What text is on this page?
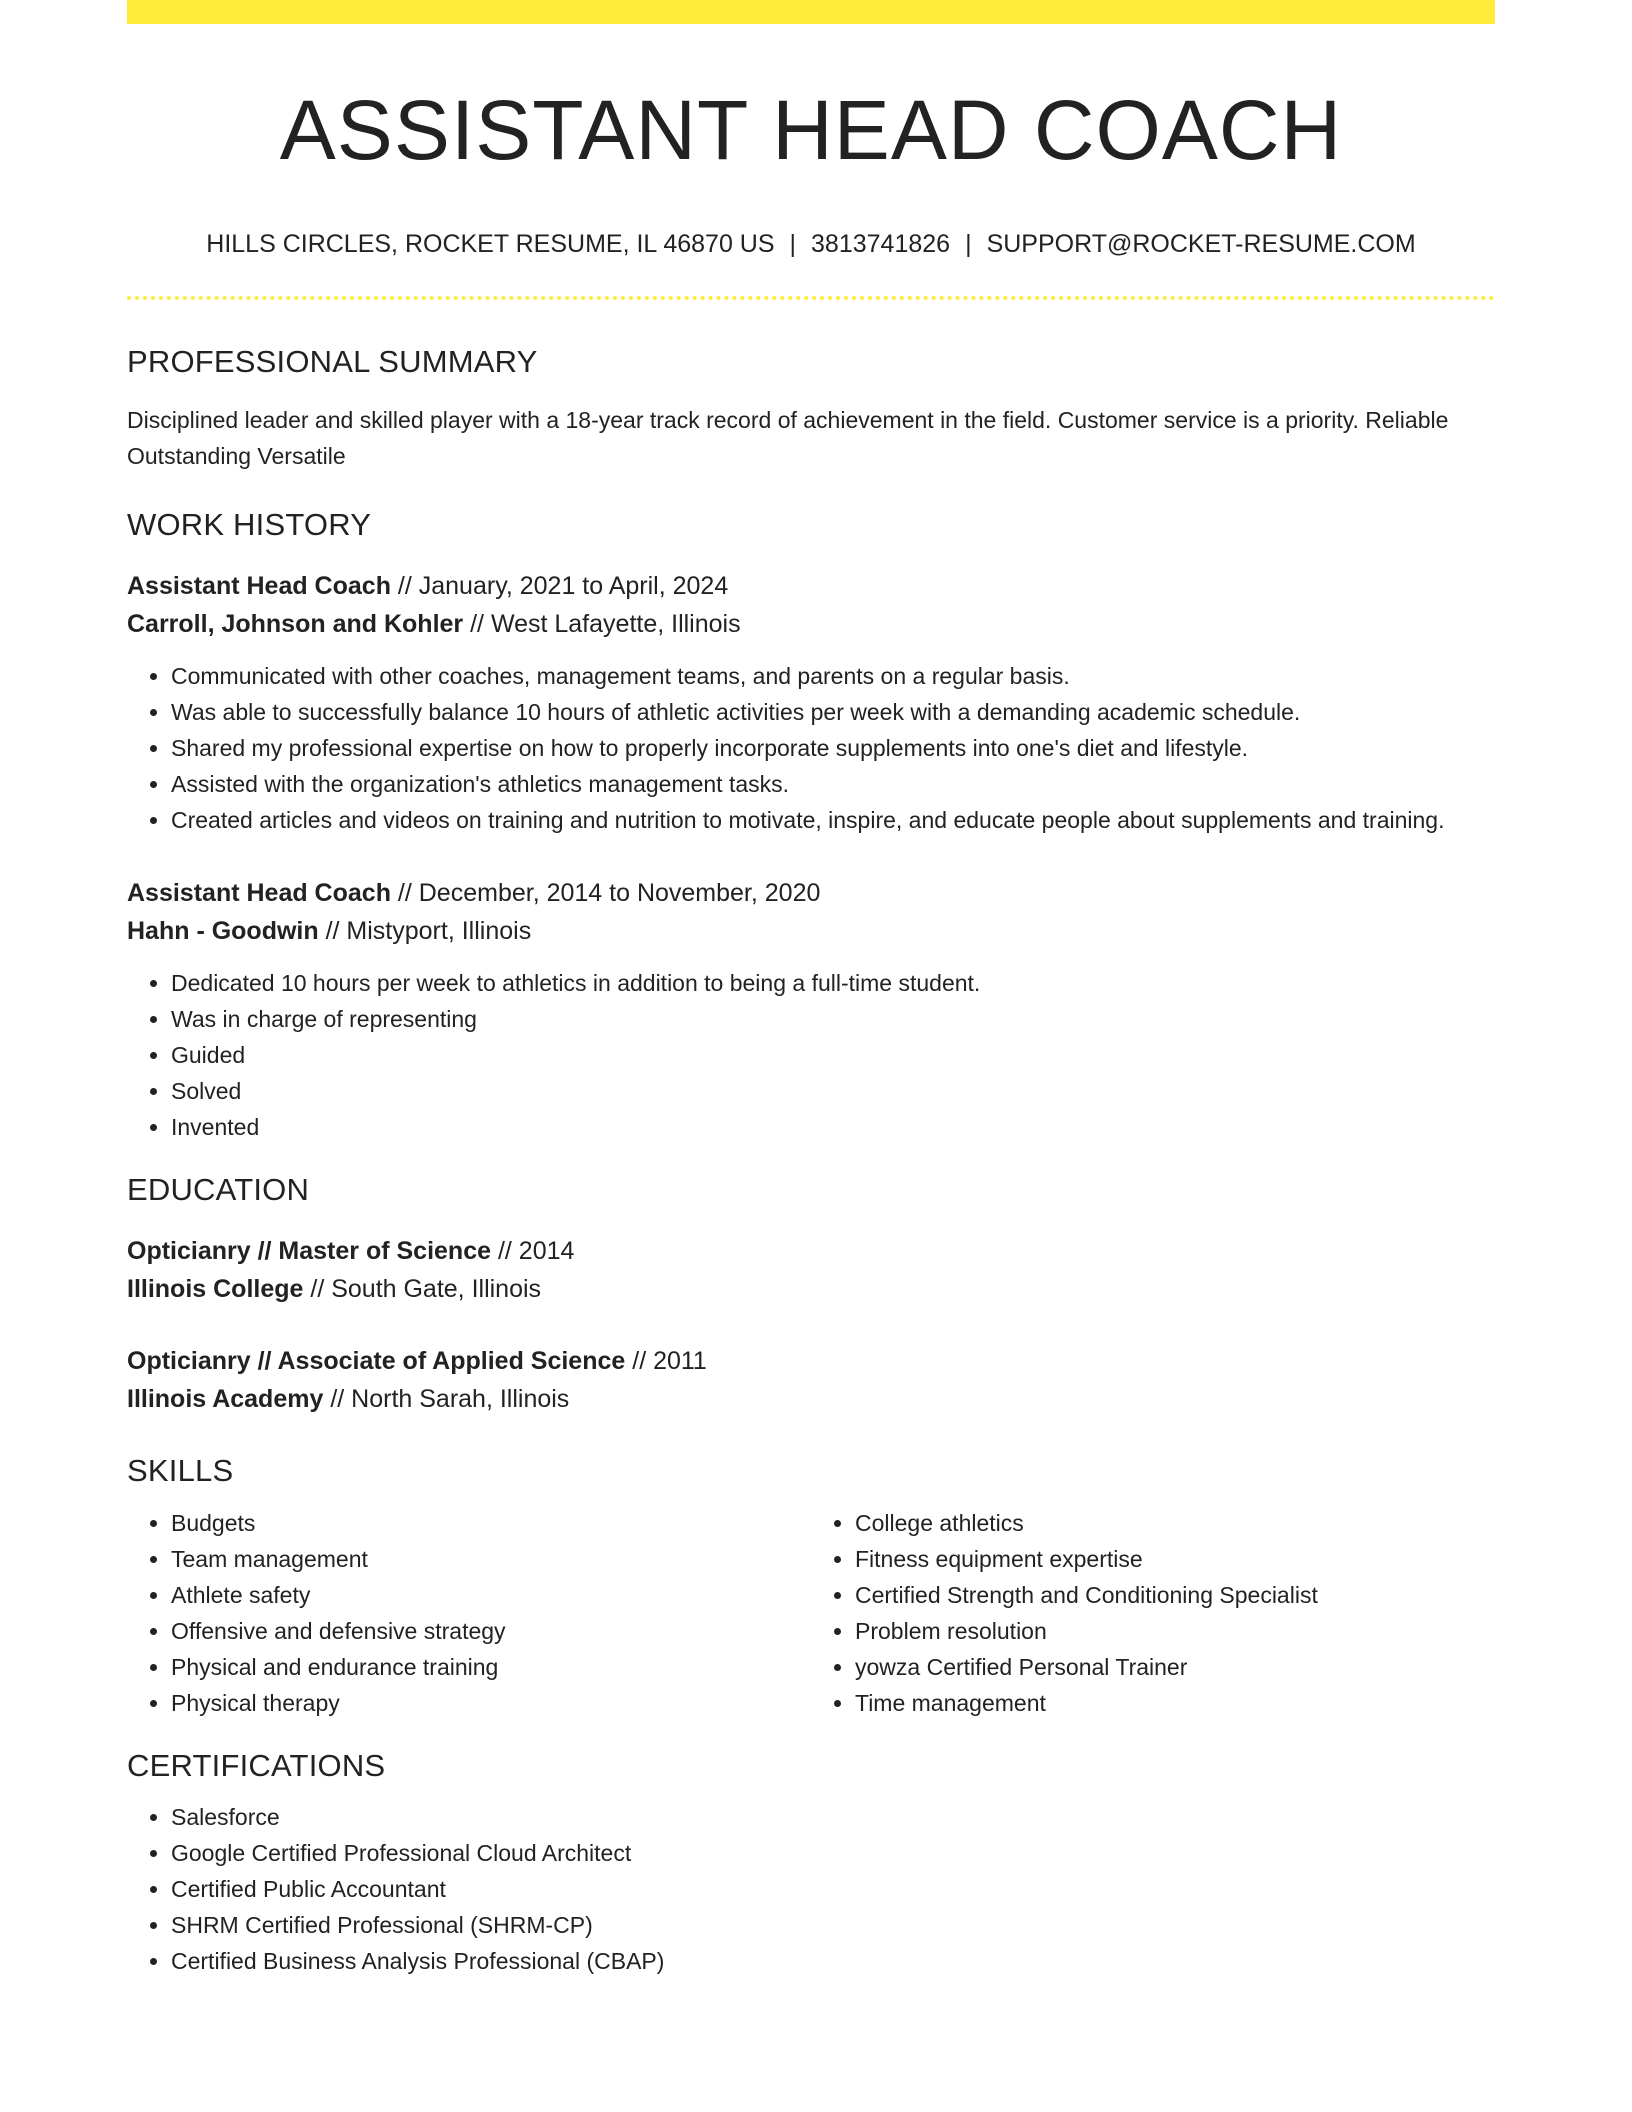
ASSISTANT HEAD COACH
HILLS CIRCLES, ROCKET RESUME, IL 46870 US | 3813741826 | SUPPORT@ROCKET-RESUME.COM
PROFESSIONAL SUMMARY
Disciplined leader and skilled player with a 18-year track record of achievement in the field. Customer service is a priority. Reliable Outstanding Versatile
WORK HISTORY
Assistant Head Coach // January, 2021 to April, 2024
Carroll, Johnson and Kohler // West Lafayette, Illinois
• Communicated with other coaches, management teams, and parents on a regular basis.
• Was able to successfully balance 10 hours of athletic activities per week with a demanding academic schedule.
• Shared my professional expertise on how to properly incorporate supplements into one's diet and lifestyle.
• Assisted with the organization's athletics management tasks.
• Created articles and videos on training and nutrition to motivate, inspire, and educate people about supplements and training.
Assistant Head Coach // December, 2014 to November, 2020
Hahn - Goodwin // Mistyport, Illinois
• Dedicated 10 hours per week to athletics in addition to being a full-time student.
• Was in charge of representing
• Guided
• Solved
• Invented
EDUCATION
Opticianry // Master of Science // 2014
Illinois College // South Gate, Illinois
Opticianry // Associate of Applied Science // 2011
Illinois Academy // North Sarah, Illinois
SKILLS
• Budgets
• Team management
• Athlete safety
• Offensive and defensive strategy
• Physical and endurance training
• Physical therapy
• College athletics
• Fitness equipment expertise
• Certified Strength and Conditioning Specialist
• Problem resolution
• yowza Certified Personal Trainer
• Time management
CERTIFICATIONS
• Salesforce
• Google Certified Professional Cloud Architect
• Certified Public Accountant
• SHRM Certified Professional (SHRM-CP)
• Certified Business Analysis Professional (CBAP)
